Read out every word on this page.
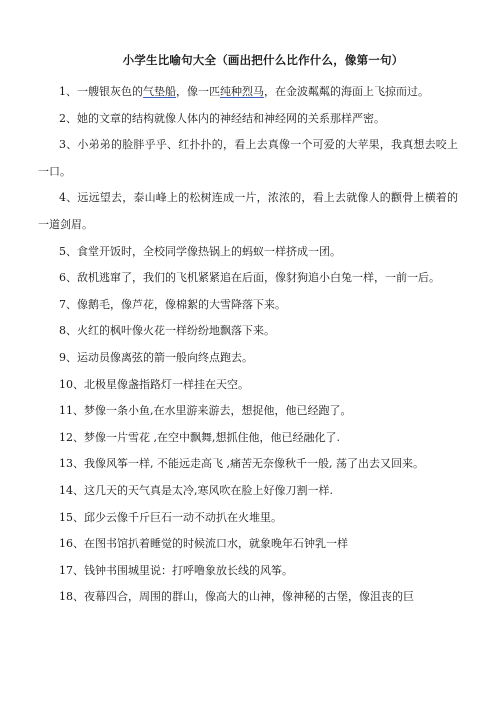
小学生比喻句大全（画出把什么比作什么，像第一句）

1、一艘银灰色的气垫船，像一匹纯种烈马，在金波粼粼的海面上飞掠而过。

2、她的文章的结构就像人体内的神经结和神经网的关系那样严密。

3、小弟弟的脸胖乎乎、红扑扑的，看上去真像一个可爱的大苹果，我真想去咬上一口。

4、远远望去，泰山峰上的松树连成一片，浓浓的，看上去就像人的颧骨上横着的一道剑眉。

5、食堂开饭时，全校同学像热锅上的蚂蚁一样挤成一团。

6、敌机逃窜了，我们的飞机紧紧追在后面，像豺狗追小白兔一样，一前一后。

7、像鹅毛，像芦花，像棉絮的大雪降落下来。

8、火红的枫叶像火花一样纷纷地飘落下来。

9、运动员像离弦的箭一般向终点跑去。

10、北极星像盏指路灯一样挂在天空。

11、梦像一条小鱼,在水里游来游去，想捉他，他已经跑了。

12、梦像一片雪花 ,在空中飘舞,想抓住他，他已经融化了.

13、我像风筝一样, 不能远走高飞 ,痛苦无奈像秋千一般, 荡了出去又回来。

14、这几天的天气真是太冷,寒风吹在脸上好像刀割一样.

15、邱少云像千斤巨石一动不动扒在火堆里。

16、在图书馆扒着睡觉的时候流口水，就象晚年石钟乳一样

17、钱钟书围城里说：打呼噜象放长线的风筝。

18、夜幕四合，周围的群山，像高大的山神，像神秘的古堡，像沮丧的巨
